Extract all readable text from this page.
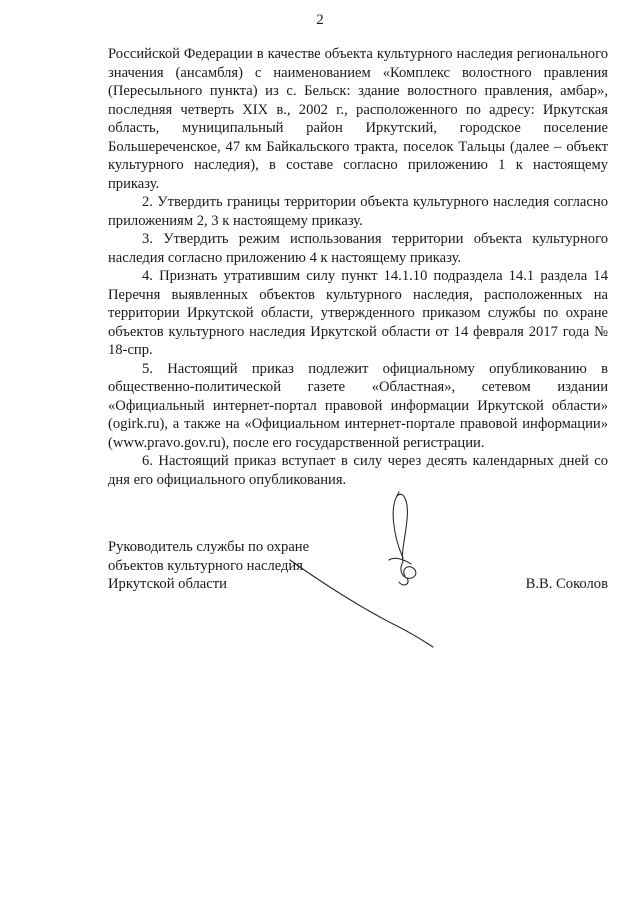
2

Российской Федерации в качестве объекта культурного наследия регионального значения (ансамбля) с наименованием «Комплекс волостного правления (Пересыльного пункта) из с. Бельск: здание волостного правления, амбар», последняя четверть XIX в., 2002 г., расположенного по адресу: Иркутская область, муниципальный район Иркутский, городское поселение Большереченское, 47 км Байкальского тракта, поселок Тальцы (далее – объект культурного наследия), в составе согласно приложению 1 к настоящему приказу.

2. Утвердить границы территории объекта культурного наследия согласно приложениям 2, 3 к настоящему приказу.

3. Утвердить режим использования территории объекта культурного наследия согласно приложению 4 к настоящему приказу.

4. Признать утратившим силу пункт 14.1.10 подраздела 14.1 раздела 14 Перечня выявленных объектов культурного наследия, расположенных на территории Иркутской области, утвержденного приказом службы по охране объектов культурного наследия Иркутской области от 14 февраля 2017 года № 18-спр.

5. Настоящий приказ подлежит официальному опубликованию в общественно-политической газете «Областная», сетевом издании «Официальный интернет-портал правовой информации Иркутской области» (ogirk.ru), а также на «Официальном интернет-портале правовой информации» (www.pravo.gov.ru), после его государственной регистрации.

6. Настоящий приказ вступает в силу через десять календарных дней со дня его официального опубликования.

Руководитель службы по охране
объектов культурного наследия
Иркутской области	В.В. Соколов
